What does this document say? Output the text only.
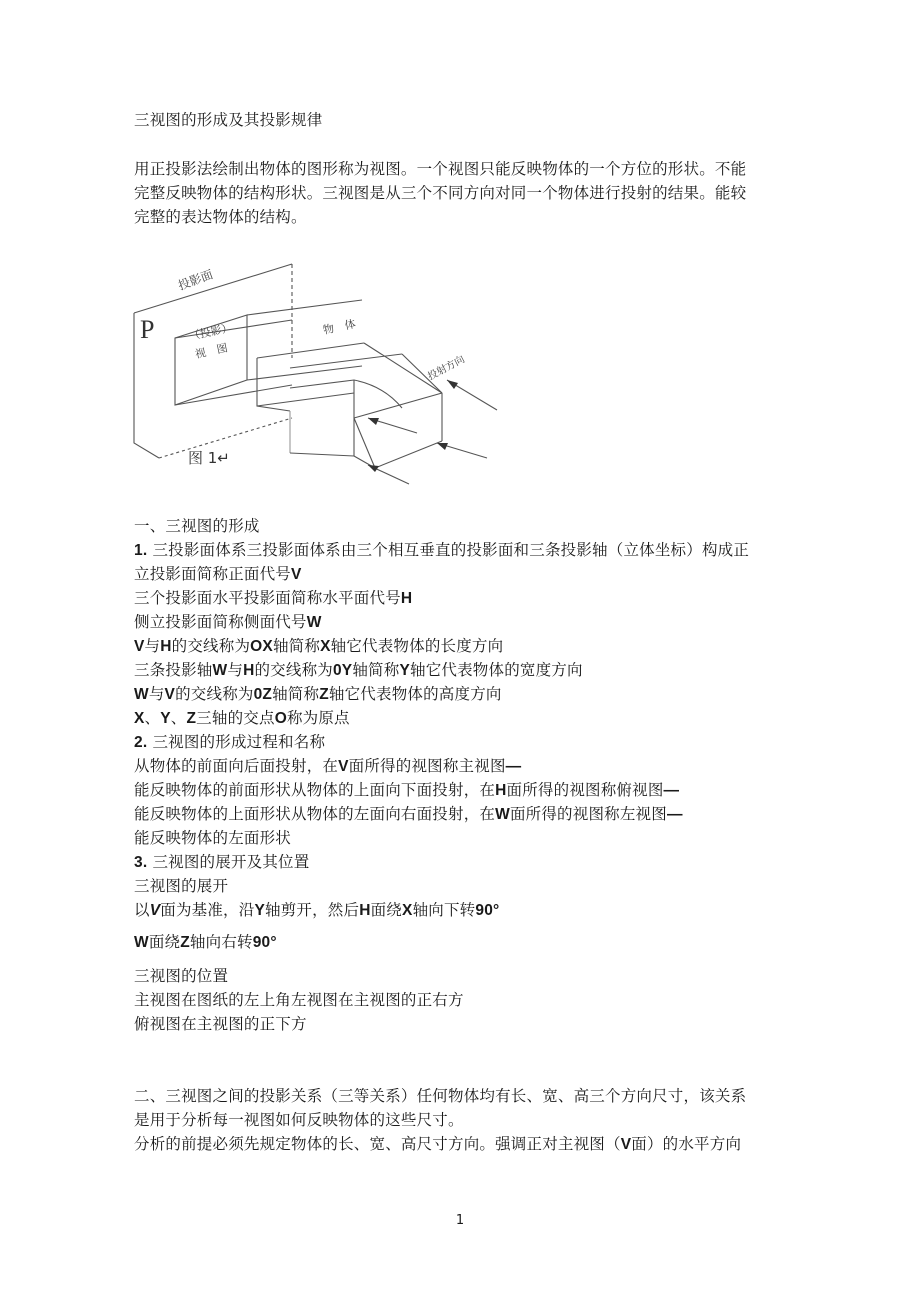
三视图的形成及其投影规律
用正投影法绘制出物体的图形称为视图。一个视图只能反映物体的一个方位的形状。不能
完整反映物体的结构形状。三视图是从三个不同方向对同一个物体进行投射的结果。能较
完整的表达物体的结构。
投影面
P	（投影）
视　图
物　体
投射方向
图 1↵
一、三视图的形成
1. 三投影面体系三投影面体系由三个相互垂直的投影面和三条投影轴（立体坐标）构成正
立投影面简称正面代号V
三个投影面水平投影面简称水平面代号H
侧立投影面简称侧面代号W
V与H的交线称为OX轴简称X轴它代表物体的长度方向
三条投影轴W与H的交线称为0Y轴简称Y轴它代表物体的宽度方向
W与V的交线称为0Z轴简称Z轴它代表物体的高度方向
X、Y、Z三轴的交点O称为原点
2. 三视图的形成过程和名称
从物体的前面向后面投射，在V面所得的视图称主视图—
能反映物体的前面形状从物体的上面向下面投射，在H面所得的视图称俯视图—
能反映物体的上面形状从物体的左面向右面投射，在W面所得的视图称左视图—
能反映物体的左面形状
3. 三视图的展开及其位置
三视图的展开
以V面为基准，沿Y轴剪开，然后H面绕X轴向下转90°
W面绕Z轴向右转90°
三视图的位置
主视图在图纸的左上角左视图在主视图的正右方
俯视图在主视图的正下方
二、三视图之间的投影关系（三等关系）任何物体均有长、宽、高三个方向尺寸，该关系
是用于分析每一视图如何反映物体的这些尺寸。
分析的前提必须先规定物体的长、宽、高尺寸方向。强调正对主视图（V面）的水平方向
1
